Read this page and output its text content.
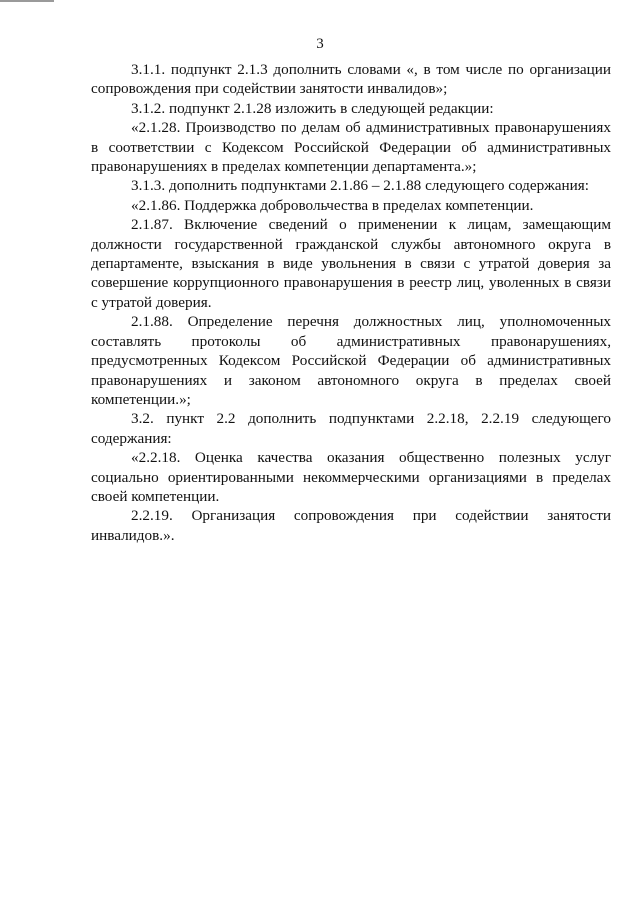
3

3.1.1. подпункт 2.1.3 дополнить словами «, в том числе по организации сопровождения при содействии занятости инвалидов»;

3.1.2. подпункт 2.1.28 изложить в следующей редакции:

«2.1.28. Производство по делам об административных правонарушениях в соответствии с Кодексом Российской Федерации об административных правонарушениях в пределах компетенции департамента.»;

3.1.3. дополнить подпунктами 2.1.86 – 2.1.88 следующего содержания:

«2.1.86. Поддержка добровольчества в пределах компетенции.

2.1.87. Включение сведений о применении к лицам, замещающим должности государственной гражданской службы автономного округа в департаменте, взыскания в виде увольнения в связи с утратой доверия за совершение коррупционного правонарушения в реестр лиц, уволенных в связи с утратой доверия.

2.1.88. Определение перечня должностных лиц, уполномоченных составлять протоколы об административных правонарушениях, предусмотренных Кодексом Российской Федерации об административных правонарушениях и законом автономного округа в пределах своей компетенции.»;

3.2. пункт 2.2 дополнить подпунктами 2.2.18, 2.2.19 следующего содержания:

«2.2.18. Оценка качества оказания общественно полезных услуг социально ориентированными некоммерческими организациями в пределах своей компетенции.

2.2.19. Организация сопровождения при содействии занятости инвалидов.».
